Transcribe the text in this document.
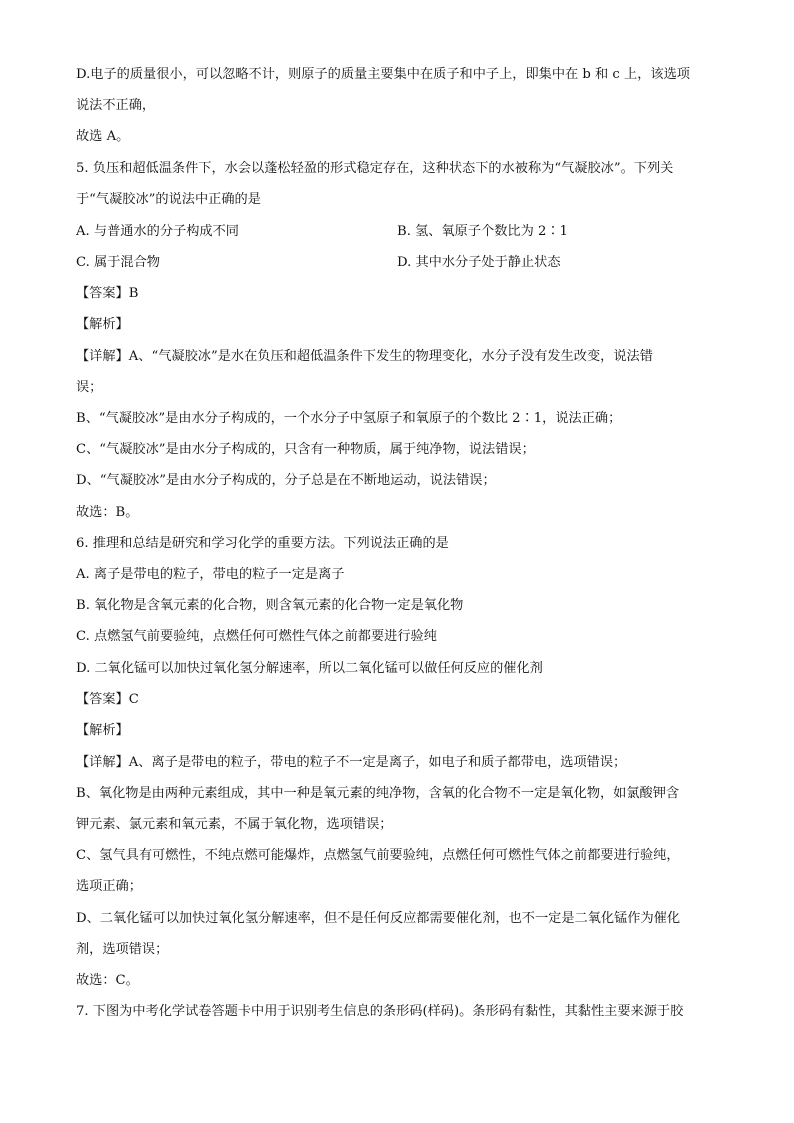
D.电子的质量很小，可以忽略不计，则原子的质量主要集中在质子和中子上，即集中在 b 和 c 上，该选项
说法不正确，
故选 A。
5. 负压和超低温条件下，水会以蓬松轻盈的形式稳定存在，这种状态下的水被称为“气凝胶冰”。下列关
于“气凝胶冰”的说法中正确的是
A. 与普通水的分子构成不同	B. 氢、氧原子个数比为 2∶1
C. 属于混合物	D. 其中水分子处于静止状态
【答案】B
【解析】
【详解】A、“气凝胶冰”是水在负压和超低温条件下发生的物理变化，水分子没有发生改变，说法错
误；
B、“气凝胶冰”是由水分子构成的，一个水分子中氢原子和氧原子的个数比 2∶1，说法正确；
C、“气凝胶冰”是由水分子构成的，只含有一种物质，属于纯净物，说法错误；
D、“气凝胶冰”是由水分子构成的，分子总是在不断地运动，说法错误；
故选：B。
6. 推理和总结是研究和学习化学的重要方法。下列说法正确的是
A. 离子是带电的粒子，带电的粒子一定是离子
B. 氧化物是含氧元素的化合物，则含氧元素的化合物一定是氧化物
C. 点燃氢气前要验纯，点燃任何可燃性气体之前都要进行验纯
D. 二氧化锰可以加快过氧化氢分解速率，所以二氧化锰可以做任何反应的催化剂
【答案】C
【解析】
【详解】A、离子是带电的粒子，带电的粒子不一定是离子，如电子和质子都带电，选项错误；
B、氧化物是由两种元素组成，其中一种是氧元素的纯净物，含氧的化合物不一定是氧化物，如氯酸钾含
钾元素、氯元素和氧元素，不属于氧化物，选项错误；
C、氢气具有可燃性，不纯点燃可能爆炸，点燃氢气前要验纯，点燃任何可燃性气体之前都要进行验纯，
选项正确；
D、二氧化锰可以加快过氧化氢分解速率，但不是任何反应都需要催化剂，也不一定是二氧化锰作为催化
剂，选项错误；
故选：C。
7. 下图为中考化学试卷答题卡中用于识别考生信息的条形码(样码)。条形码有黏性，其黏性主要来源于胶
